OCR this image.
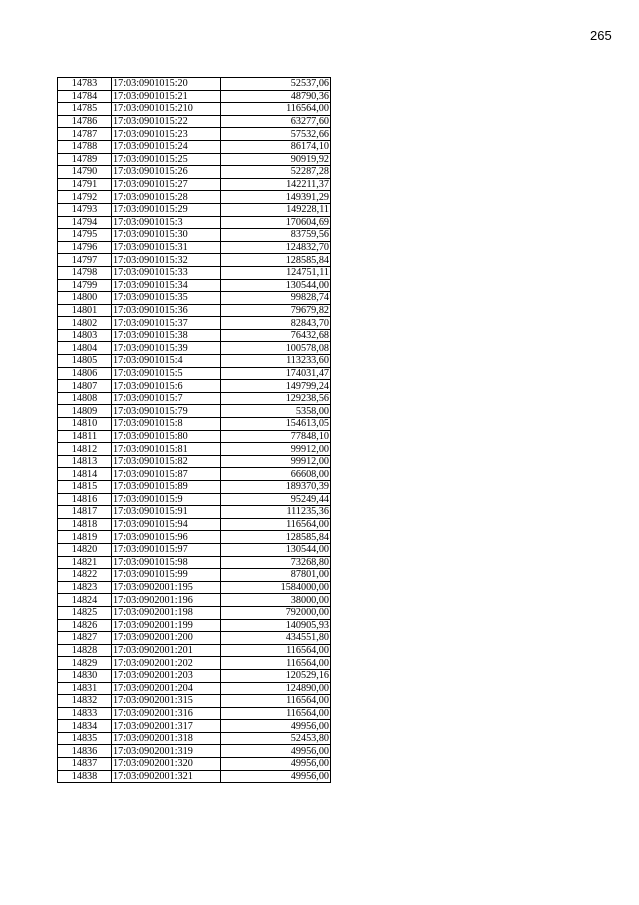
265
14783	17:03:0901015:20	52537,06
14784	17:03:0901015:21	48790,36
14785	17:03:0901015:210	116564,00
14786	17:03:0901015:22	63277,60
14787	17:03:0901015:23	57532,66
14788	17:03:0901015:24	86174,10
14789	17:03:0901015:25	90919,92
14790	17:03:0901015:26	52287,28
14791	17:03:0901015:27	142211,37
14792	17:03:0901015:28	149391,29
14793	17:03:0901015:29	149228,11
14794	17:03:0901015:3	170604,69
14795	17:03:0901015:30	83759,56
14796	17:03:0901015:31	124832,70
14797	17:03:0901015:32	128585,84
14798	17:03:0901015:33	124751,11
14799	17:03:0901015:34	130544,00
14800	17:03:0901015:35	99828,74
14801	17:03:0901015:36	79679,82
14802	17:03:0901015:37	82843,70
14803	17:03:0901015:38	76432,68
14804	17:03:0901015:39	100578,08
14805	17:03:0901015:4	113233,60
14806	17:03:0901015:5	174031,47
14807	17:03:0901015:6	149799,24
14808	17:03:0901015:7	129238,56
14809	17:03:0901015:79	5358,00
14810	17:03:0901015:8	154613,05
14811	17:03:0901015:80	77848,10
14812	17:03:0901015:81	99912,00
14813	17:03:0901015:82	99912,00
14814	17:03:0901015:87	66608,00
14815	17:03:0901015:89	189370,39
14816	17:03:0901015:9	95249,44
14817	17:03:0901015:91	111235,36
14818	17:03:0901015:94	116564,00
14819	17:03:0901015:96	128585,84
14820	17:03:0901015:97	130544,00
14821	17:03:0901015:98	73268,80
14822	17:03:0901015:99	87801,00
14823	17:03:0902001:195	1584000,00
14824	17:03:0902001:196	38000,00
14825	17:03:0902001:198	792000,00
14826	17:03:0902001:199	140905,93
14827	17:03:0902001:200	434551,80
14828	17:03:0902001:201	116564,00
14829	17:03:0902001:202	116564,00
14830	17:03:0902001:203	120529,16
14831	17:03:0902001:204	124890,00
14832	17:03:0902001:315	116564,00
14833	17:03:0902001:316	116564,00
14834	17:03:0902001:317	49956,00
14835	17:03:0902001:318	52453,80
14836	17:03:0902001:319	49956,00
14837	17:03:0902001:320	49956,00
14838	17:03:0902001:321	49956,00
